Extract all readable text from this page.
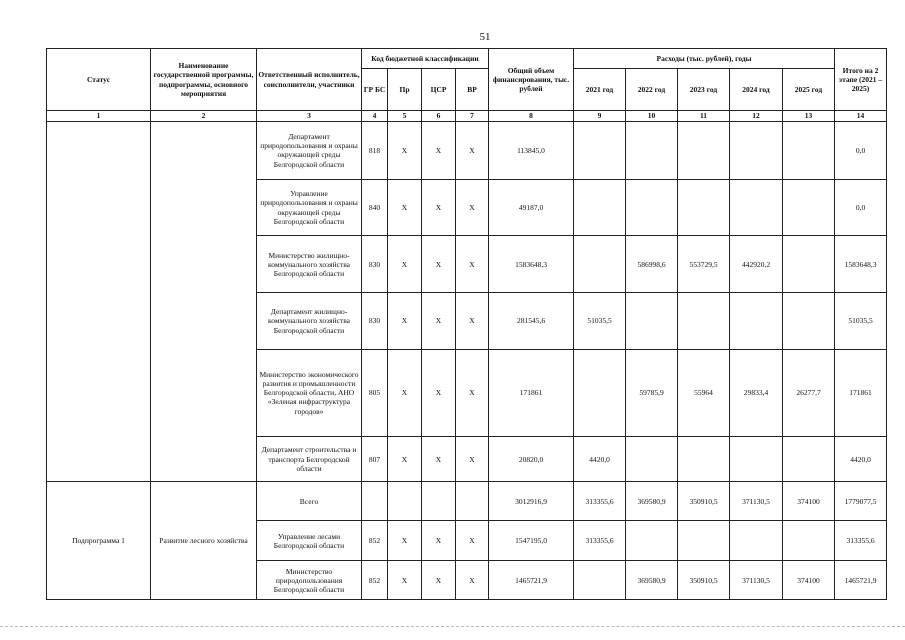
51
Статус	Наименование государственной программы, подпрограммы, основного мероприятия	Ответственный исполнитель, соисполнители, участники	Код бюджетной классификации				Общий объем финансирования, тыс. рублей	Расходы (тыс. рублей), годы					Итого на 2 этапе (2021 – 2025)
			ГР БС	Пр	ЦСР	ВР		2021 год	2022 год	2023 год	2024 год	2025 год	
1	2	3	4	5	6	7	8	9	10	11	12	13	14
		Департамент природопользования и охраны окружающей среды Белгородской области	818	Х	Х	Х	113845,0						0,0
		Управление природопользования и охраны окружающей среды Белгородской области	840	Х	Х	Х	49187,0						0,0
		Министерство жилищно-коммунального хозяйства Белгородской области	830	Х	Х	Х	1583648,3		586998,6	553729,5	442920,2		1583648,3
		Департамент жилищно-коммунального хозяйства Белгородской области	830	Х	Х	Х	281545,6	51035,5					51035,5
		Министерство экономического развития и промышленности Белгородской области, АНО «Зеленая инфраструктура городов»	805	Х	Х	Х	171861		59785,9	55964	29833,4	26277,7	171861
		Департамент строительства и транспорта Белгородской области	807	Х	Х	Х	20820,0	4420,0					4420,0
Подпрограмма 1	Развитие лесного хозяйства	Всего					3012916,9	313355,6	369580,9	350910,5	371130,5	374100	1779077,5
		Управление лесами Белгородской области	852	Х	Х	Х	1547195,0	313355,6					313355,6
		Министерство природопользования Белгородской области	852	Х	Х	Х	1465721,9		369580,9	350910,5	371130,5	374100	1465721,9
